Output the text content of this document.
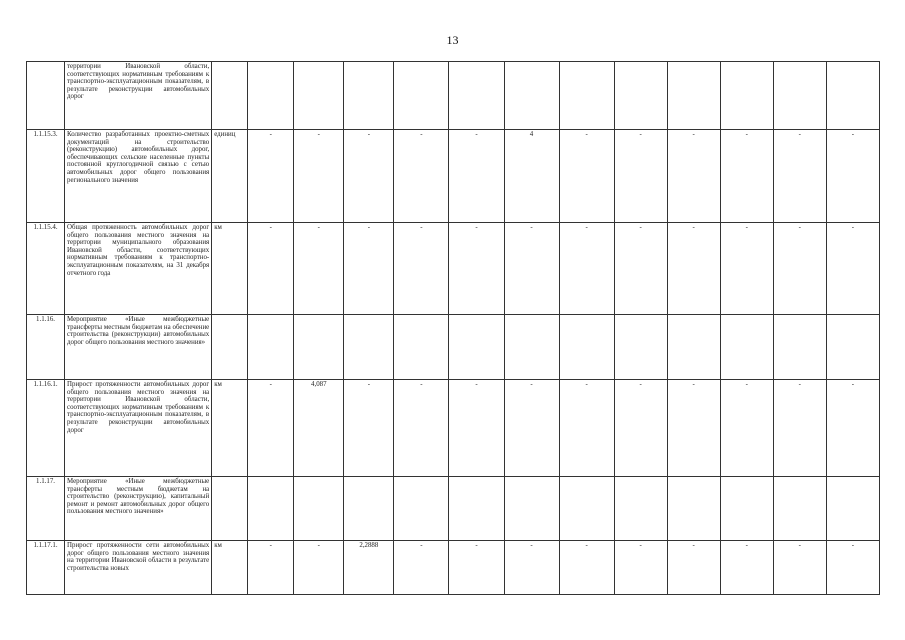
13
	территории Ивановской области, соответствующих нормативным требованиям к транспортно-эксплуатационным показателям, в результате реконструкции автомобильных дорог													
1.1.15.3.	Количество разработанных проектно-сметных документаций на строительство (реконструкцию) автомобильных дорог, обеспечивающих сельские населенные пункты постоянной круглогодичной связью с сетью автомобильных дорог общего пользования регионального значения	единиц	-	-	-	-	-	4	-	-	-	-	-	-
1.1.15.4.	Общая протяженность автомобильных дорог общего пользования местного значения на территории муниципального образования Ивановской области, соответствующих нормативным требованиям к транспортно-эксплуатационным показателям, на 31 декабря отчетного года	км	-	-	-	-	-	-	-	-	-	-	-	-
1.1.16.	Мероприятие «Иные межбюджетные трансферты местным бюджетам на обеспечение строительства (реконструкции) автомобильных дорог общего пользования местного значения»													
1.1.16.1.	Прирост протяженности автомобильных дорог общего пользования местного значения на территории Ивановской области, соответствующих нормативным требованиям к транспортно-эксплуатационным показателям, в результате реконструкции автомобильных дорог	км	-	4,087	-	-	-	-	-	-	-	-	-	-
1.1.17.	Мероприятие «Иные межбюджетные трансферты местным бюджетам на строительство (реконструкцию), капитальный ремонт и ремонт автомобильных дорог общего пользования местного значения»													
1.1.17.1.	Прирост протяженности сети автомобильных дорог общего пользования местного значения на территории Ивановской области в результате строительства новых	км	-	-	2,2888	-	-	-	-	-	-	-	-	-
